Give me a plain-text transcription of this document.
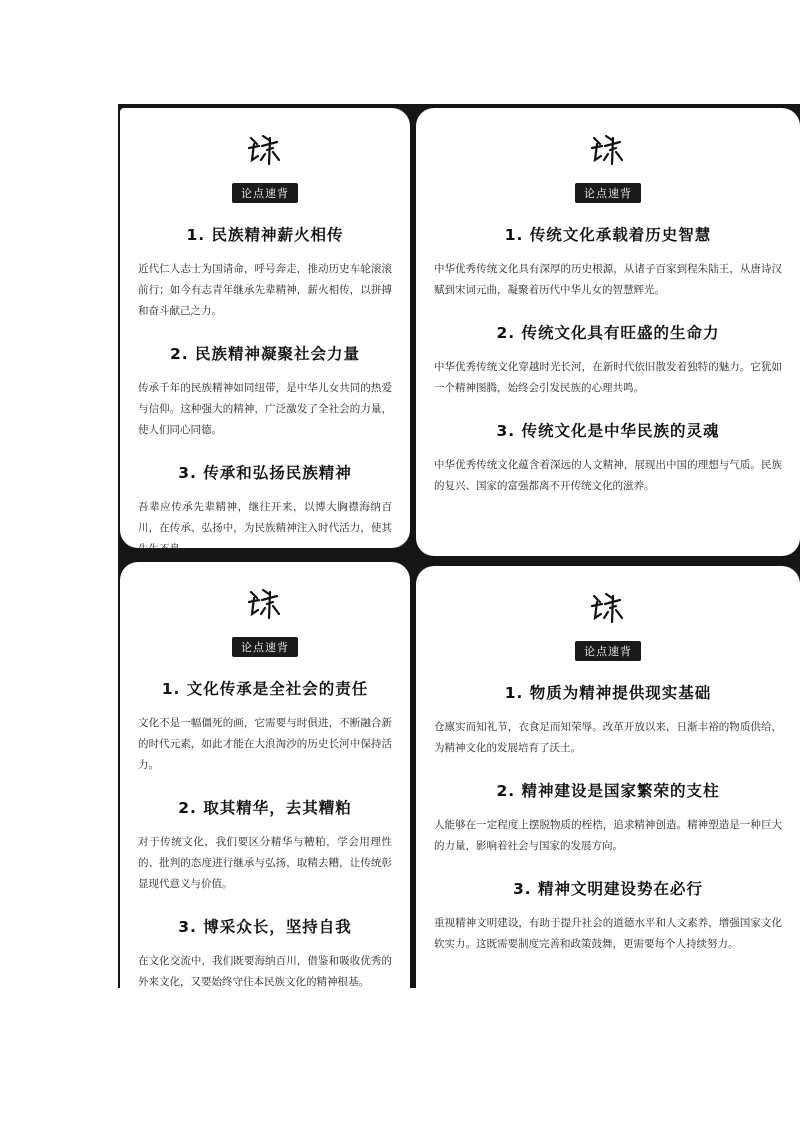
论点速背
1. 民族精神薪火相传

近代仁人志士为国请命，呼号奔走，推动历史车轮滚滚前行；如今有志青年继承先辈精神，薪火相传，以拼搏和奋斗献己之力。

2. 民族精神凝聚社会力量

传承千年的民族精神如同纽带，是中华儿女共同的热爱与信仰。这种强大的精神，广泛激发了全社会的力量，使人们同心同德。

3. 传承和弘扬民族精神

吾辈应传承先辈精神，继往开来，以博大胸襟海纳百川，在传承、弘扬中，为民族精神注入时代活力，使其生生不息。

论点速背
1. 传统文化承载着历史智慧

中华优秀传统文化具有深厚的历史根源，从诸子百家到程朱陆王，从唐诗汉赋到宋词元曲，凝聚着历代中华儿女的智慧辉光。

2. 传统文化具有旺盛的生命力

中华优秀传统文化穿越时光长河，在新时代依旧散发着独特的魅力。它犹如一个精神图腾，始终会引发民族的心理共鸣。

3. 传统文化是中华民族的灵魂

中华优秀传统文化蕴含着深远的人文精神，展现出中国的理想与气质。民族的复兴、国家的富强都离不开传统文化的滋养。

论点速背
1. 文化传承是全社会的责任

文化不是一幅僵死的画，它需要与时俱进，不断融合新的时代元素，如此才能在大浪淘沙的历史长河中保持活力。

2. 取其精华，去其糟粕

对于传统文化，我们要区分精华与糟粕，学会用理性的、批判的态度进行继承与弘扬，取精去糟，让传统彰显现代意义与价值。

3. 博采众长，坚持自我

在文化交流中，我们既要海纳百川，借鉴和吸收优秀的外来文化，又要始终守住本民族文化的精神根基。

论点速背
1. 物质为精神提供现实基础

仓廪实而知礼节，衣食足而知荣辱。改革开放以来，日渐丰裕的物质供给，为精神文化的发展培育了沃土。

2. 精神建设是国家繁荣的支柱

人能够在一定程度上摆脱物质的桎梏，追求精神创造。精神塑造是一种巨大的力量，影响着社会与国家的发展方向。

3. 精神文明建设势在必行

重视精神文明建设，有助于提升社会的道德水平和人文素养，增强国家文化软实力。这既需要制度完善和政策鼓舞，更需要每个人持续努力。
